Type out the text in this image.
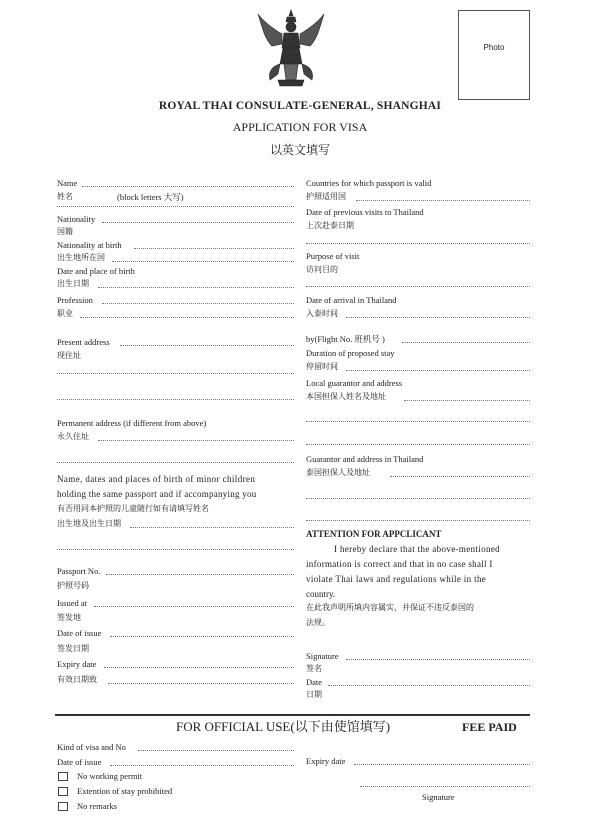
Photo
ROYAL THAI CONSULATE-GENERAL, SHANGHAI
APPLICATION FOR VISA
以英文填写
Name
姓名	(block letters 大写)
Nationality
国籍
Nationality at birth
出生地所在国
Date and place of birth
出生日期
Profession
职业
Present address
现住址
Permanent address (if different from above)
永久住址
Name, dates and places of birth of minor children
holding the same passport and if accompanying you
有否用同本护照的儿童随行如有请填写姓名
出生地及出生日期
Passport No.
护照号码
Issued at
签发地
Date of issue
签发日期
Expiry date
有效日期致
Countries for which passport is valid
护照适用国
Date of previous visits to Thailand
上次赴泰日期
Purpose of visit
访问目的
Date of arrival in Thailand
入泰时间
by(Flight No. 班机号 )
Duration of proposed stay
停留时间
Local guarantor and address
本国担保人姓名及地址
Guarantor and address in Thailand
泰国担保人及地址
ATTENTION FOR APPCLICANT
I hereby declare that the above-mentioned
information is correct and that in no case shall I
violate Thai laws and regulations while in the
country.
在此我声明所填内容属实，并保证不违反泰国的
法规。
Signature
签名
Date
日期
FOR OFFICIAL USE(以下由使馆填写)	FEE PAID
Kind of visa and No
Date of issue	Expiry date
No working permit
Extention of stay prohibited
No remarks
Signature
